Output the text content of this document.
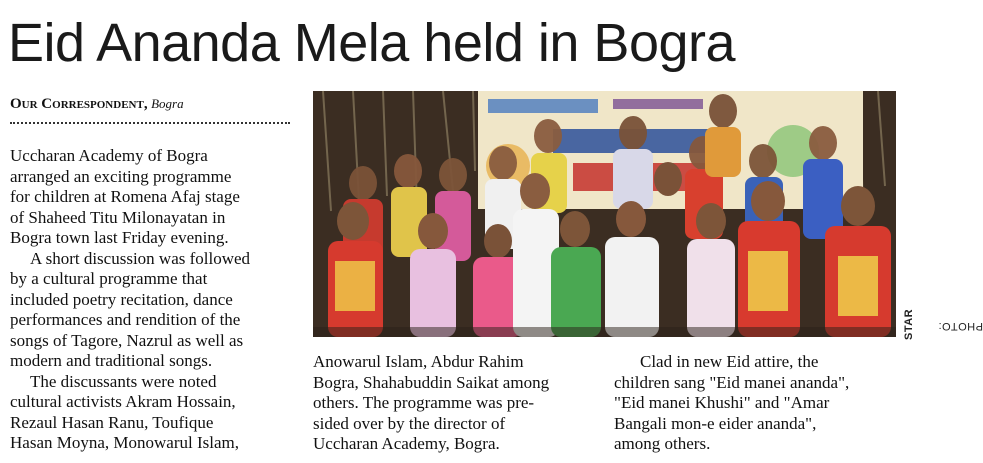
Eid Ananda Mela held in Bogra
Our Correspondent, Bogra

Uccharan Academy of Bogra
arranged an exciting programme
for children at Romena Afaj stage
of Shaheed Titu Milonayatan in
Bogra town last Friday evening.

A short discussion was followed
by a cultural programme that
included poetry recitation, dance
performances and rendition of the
songs of Tagore, Nazrul as well as
modern and traditional songs.

The discussants were noted
cultural activists Akram Hossain,
Rezaul Hasan Ranu, Toufique
Hasan Moyna, Monowarul Islam,

PHOTO:
STAR
Anowarul Islam, Abdur Rahim
Bogra, Shahabuddin Saikat among
others. The programme was pre-
sided over by the director of
Uccharan Academy, Bogra.
Clad in new Eid attire, the
children sang "Eid manei ananda",
"Eid manei Khushi" and "Amar
Bangali mon-e eider ananda",
among others.
